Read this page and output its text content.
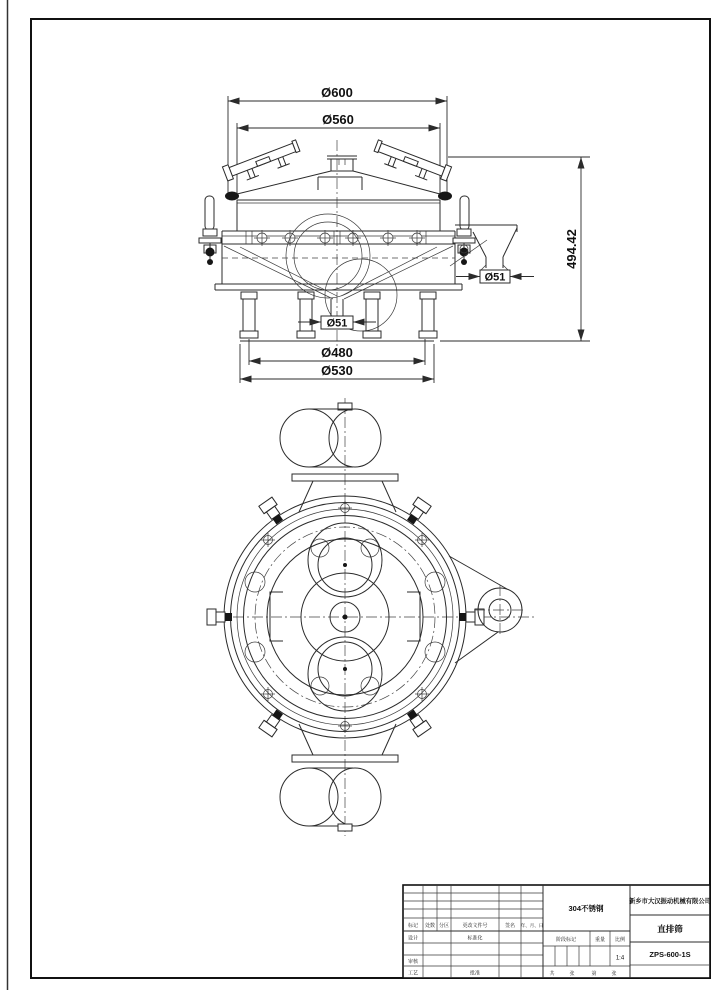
Ø600
Ø560
494.42
Ø480
Ø530
Ø51
Ø51
标记 处数 分区	更改文件号	签名 年、月、日
设计	标准化
审核
工艺	批准
304不锈钢
阶段标记	重量 比例
1:4
共	张	第	张
新乡市大汉振动机械有限公司
直排筛
ZPS-600-1S
